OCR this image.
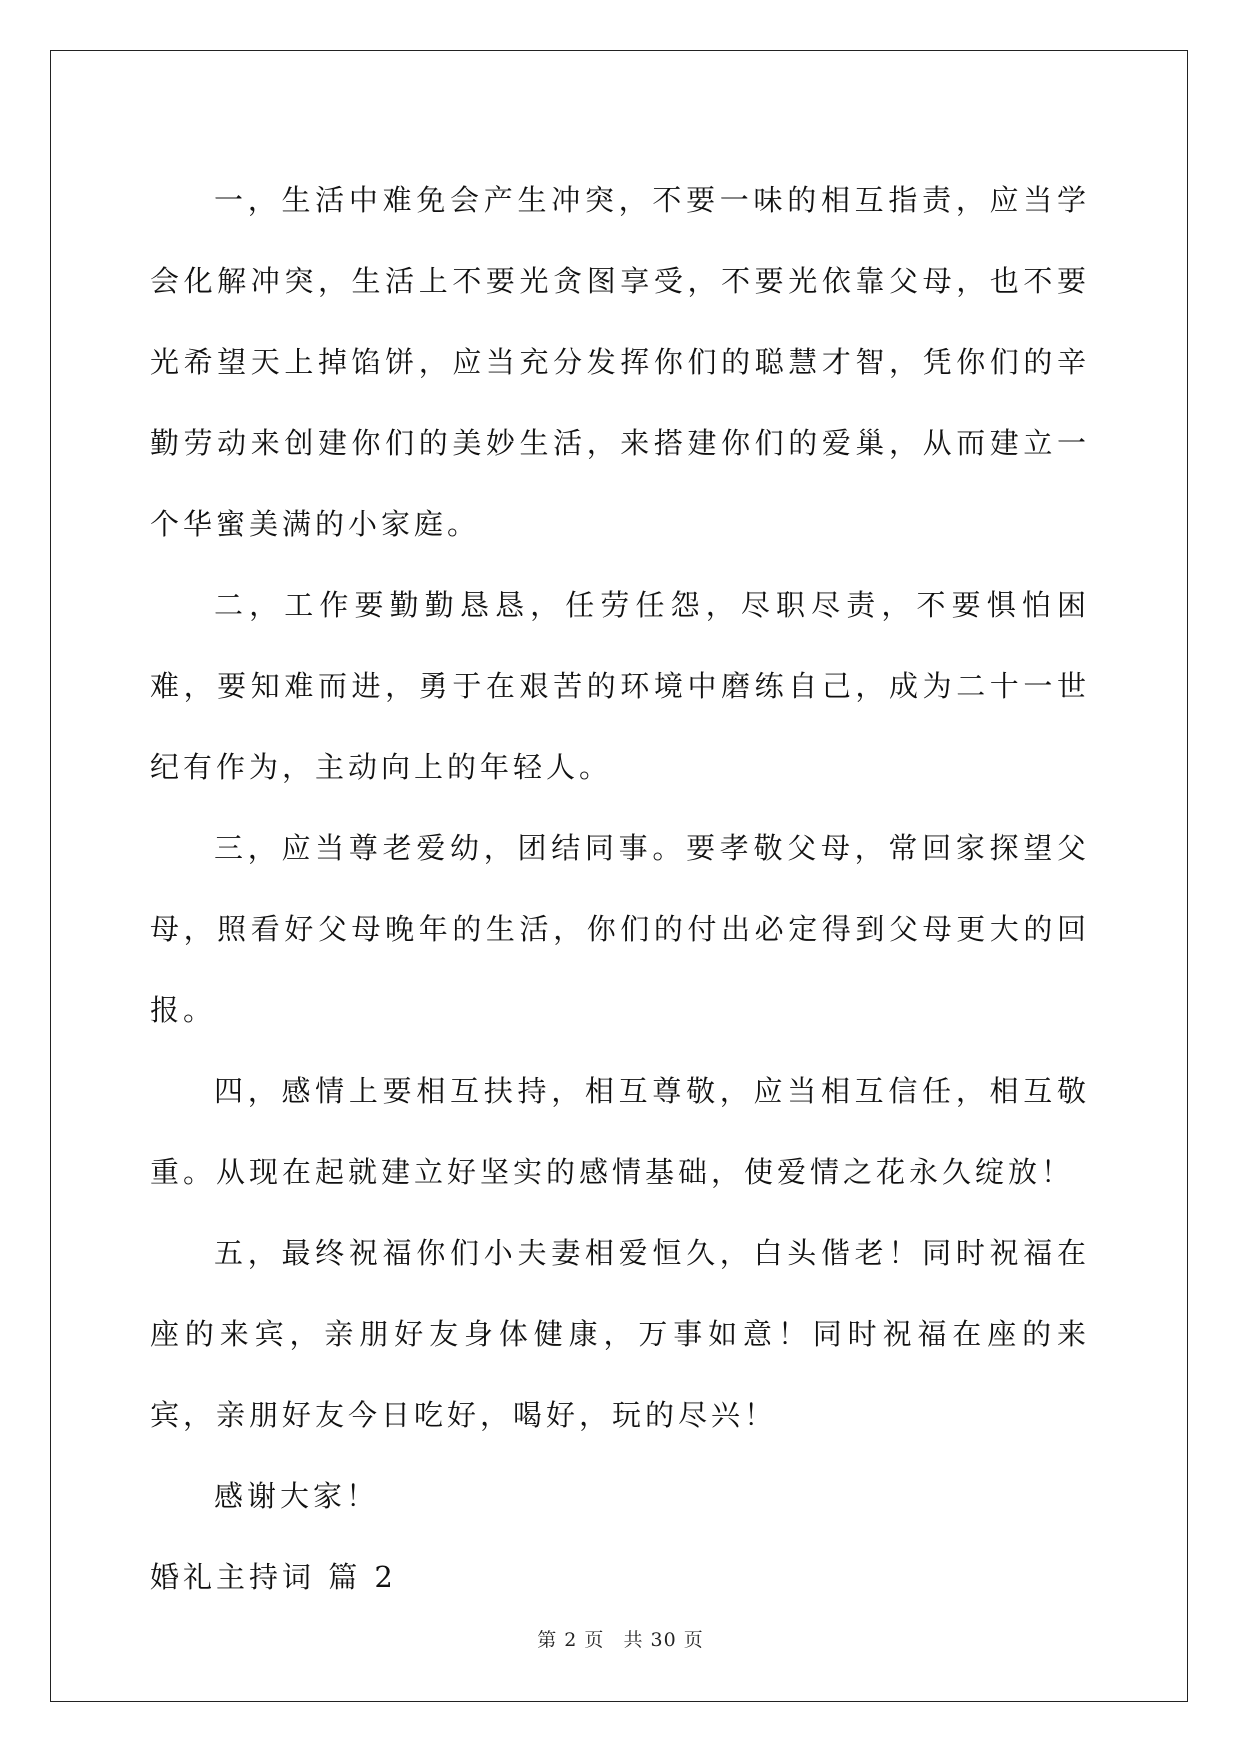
一，生活中难免会产生冲突，不要一味的相互指责，应当学会化解冲突，生活上不要光贪图享受，不要光依靠父母，也不要光希望天上掉馅饼，应当充分发挥你们的聪慧才智，凭你们的辛勤劳动来创建你们的美妙生活，来搭建你们的爱巢，从而建立一个华蜜美满的小家庭。

二，工作要勤勤恳恳，任劳任怨，尽职尽责，不要惧怕困难，要知难而进，勇于在艰苦的环境中磨练自己，成为二十一世纪有作为，主动向上的年轻人。

三，应当尊老爱幼，团结同事。要孝敬父母，常回家探望父母，照看好父母晚年的生活，你们的付出必定得到父母更大的回报。

四，感情上要相互扶持，相互尊敬，应当相互信任，相互敬重。从现在起就建立好坚实的感情基础，使爱情之花永久绽放！

五，最终祝福你们小夫妻相爱恒久，白头偕老！同时祝福在座的来宾，亲朋好友身体健康，万事如意！同时祝福在座的来宾，亲朋好友今日吃好，喝好，玩的尽兴！

感谢大家！

婚礼主持词 篇 2

第 2 页 共 30 页
